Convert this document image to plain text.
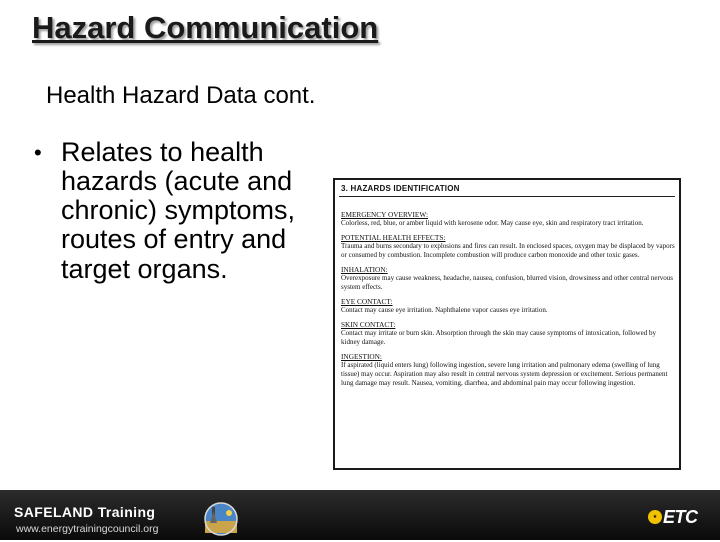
Hazard Communication
Health Hazard Data cont.
• Relates to health hazards (acute and chronic) symptoms, routes of entry and target organs.
3. HAZARDS IDENTIFICATION
EMERGENCY OVERVIEW:
Colorless, red, blue, or amber liquid with kerosene odor. May cause eye, skin and respiratory tract irritation.
POTENTIAL HEALTH EFFECTS:
Trauma and burns secondary to explosions and fires can result. In enclosed spaces, oxygen may be displaced by vapors or consumed by combustion. Incomplete combustion will produce carbon monoxide and other toxic gases.
INHALATION:
Overexposure may cause weakness, headache, nausea, confusion, blurred vision, drowsiness and other central nervous system effects.
EYE CONTACT:
Contact may cause eye irritation. Naphthalene vapor causes eye irritation.
SKIN CONTACT:
Contact may irritate or burn skin. Absorption through the skin may cause symptoms of intoxication, followed by kidney damage.
INGESTION:
If aspirated (liquid enters lung) following ingestion, severe lung irritation and pulmonary edema (swelling of lung tissue) may occur. Aspiration may also result in central nervous system depression or excitement. Serious permanent lung damage may result. Nausea, vomiting, diarrhea, and abdominal pain may occur following ingestion.
SAFELAND Training
www.energytrainingcouncil.org
★ ETC
